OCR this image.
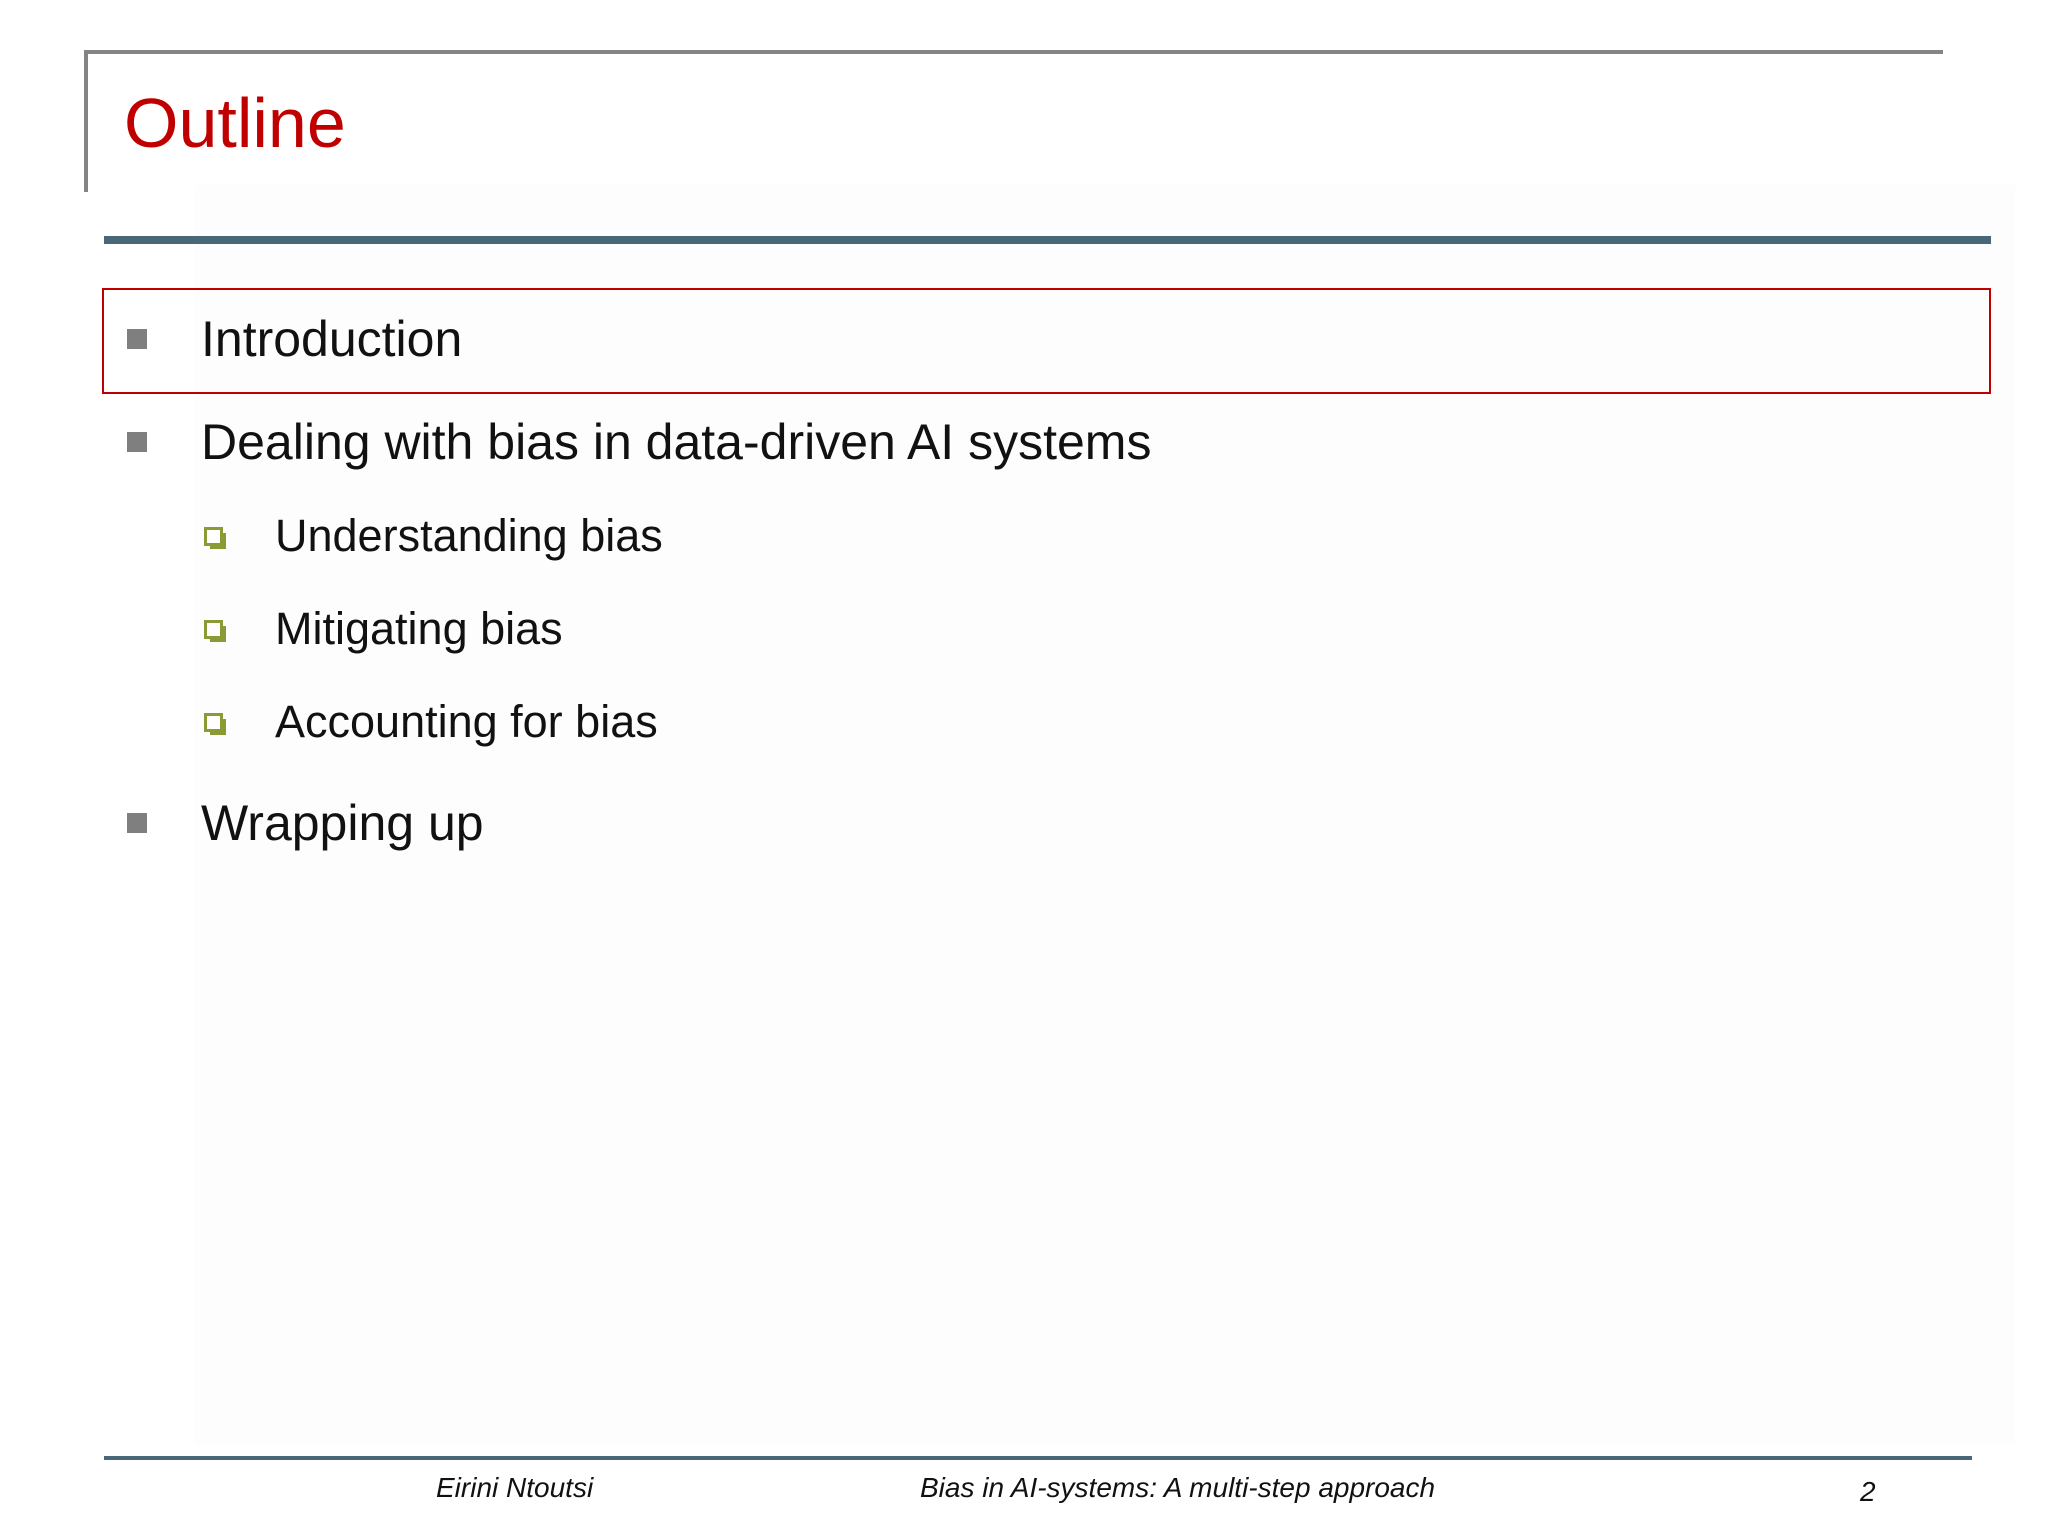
Outline
Introduction
Dealing with bias in data-driven AI systems
Understanding bias
Mitigating bias
Accounting for bias
Wrapping up
Eirini Ntoutsi	Bias in AI-systems: A multi-step approach	2
